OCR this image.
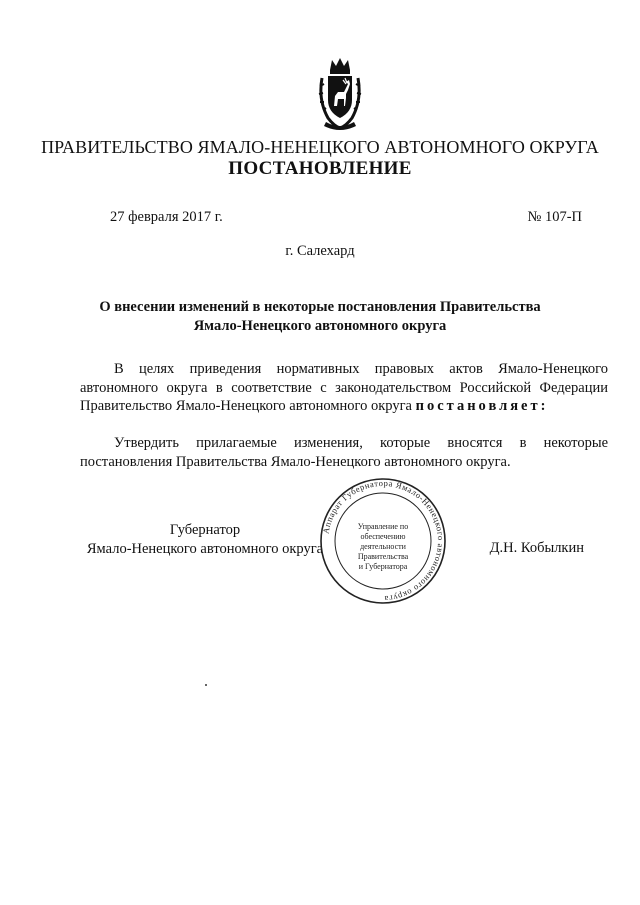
ПРАВИТЕЛЬСТВО ЯМАЛО-НЕНЕЦКОГО АВТОНОМНОГО ОКРУГА
ПОСТАНОВЛЕНИЕ
27 февраля 2017 г.	№ 107-П
г. Салехард
О внесении изменений в некоторые постановления Правительства
Ямало-Ненецкого автономного округа
В целях приведения нормативных правовых актов Ямало-Ненецкого автономного округа в соответствие с законодательством Российской Федерации Правительство Ямало-Ненецкого автономного округа постановляет:
Утвердить прилагаемые изменения, которые вносятся в некоторые постановления Правительства Ямало-Ненецкого автономного округа.
Губернатор
Ямало-Ненецкого автономного округа	Д.Н. Кобылкин
Аппарат Губернатора Ямало-Ненецкого автономного округа
Управление по
обеспечению
деятельности
Правительства
и Губернатора
